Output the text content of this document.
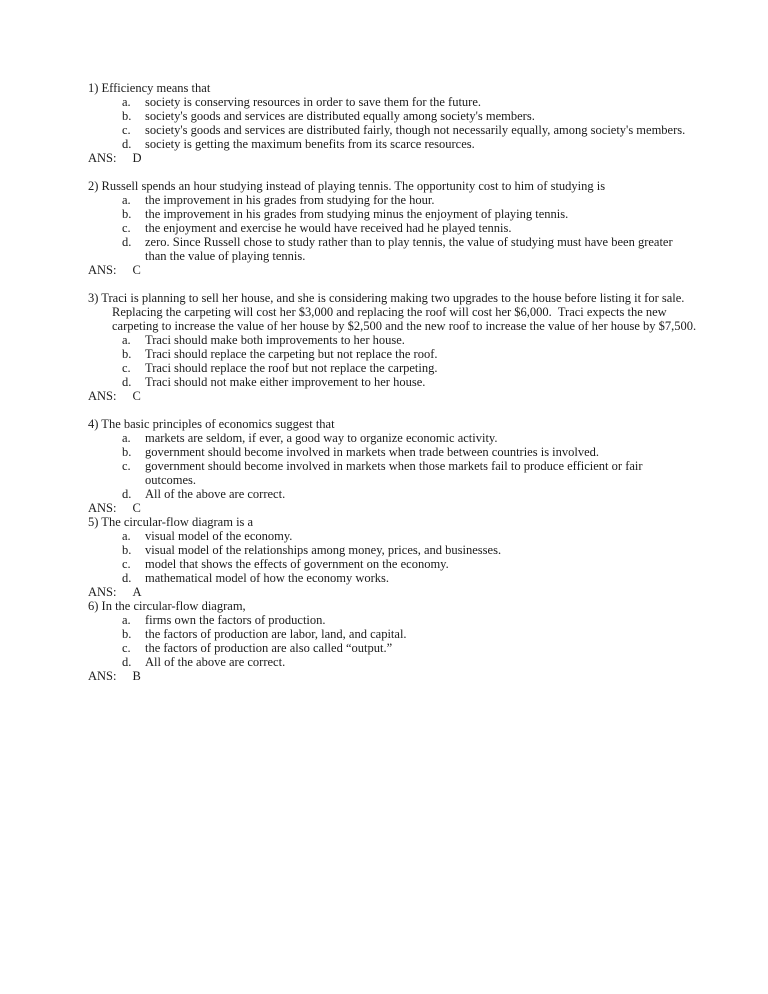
1) Efficiency means that
a.	society is conserving resources in order to save them for the future.
b.	society's goods and services are distributed equally among society's members.
c.	society's goods and services are distributed fairly, though not necessarily equally, among society's members.
d.	society is getting the maximum benefits from its scarce resources.
ANS: D
2) Russell spends an hour studying instead of playing tennis. The opportunity cost to him of studying is
a.	the improvement in his grades from studying for the hour.
b.	the improvement in his grades from studying minus the enjoyment of playing tennis.
c.	the enjoyment and exercise he would have received had he played tennis.
d.	zero. Since Russell chose to study rather than to play tennis, the value of studying must have been greater than the value of playing tennis.
ANS: C
3) Traci is planning to sell her house, and she is considering making two upgrades to the house before listing it for sale.  Replacing the carpeting will cost her $3,000 and replacing the roof will cost her $6,000.  Traci expects the new carpeting to increase the value of her house by $2,500 and the new roof to increase the value of her house by $7,500.
a.	Traci should make both improvements to her house.
b.	Traci should replace the carpeting but not replace the roof.
c.	Traci should replace the roof but not replace the carpeting.
d.	Traci should not make either improvement to her house.
ANS: C
4) The basic principles of economics suggest that
a.	markets are seldom, if ever, a good way to organize economic activity.
b.	government should become involved in markets when trade between countries is involved.
c.	government should become involved in markets when those markets fail to produce efficient or fair outcomes.
d.	All of the above are correct.
ANS: C
5) The circular-flow diagram is a
a.	visual model of the economy.
b.	visual model of the relationships among money, prices, and businesses.
c.	model that shows the effects of government on the economy.
d.	mathematical model of how the economy works.
ANS: A
6) In the circular-flow diagram,
a.	firms own the factors of production.
b.	the factors of production are labor, land, and capital.
c.	the factors of production are also called “output.”
d.	All of the above are correct.
ANS: B
